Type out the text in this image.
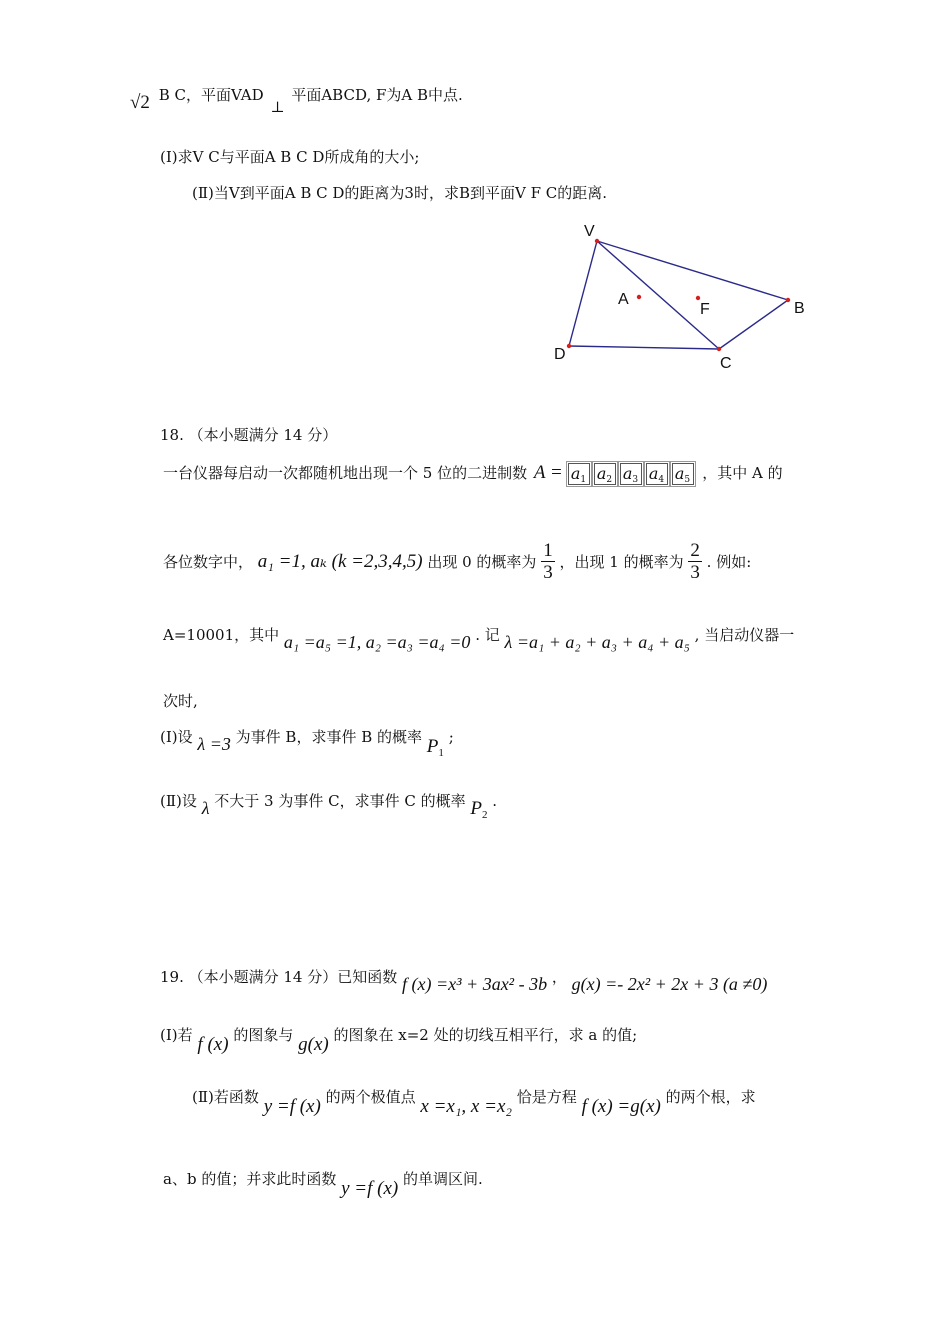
√2 B C，平面VAD ⊥ 平面ABCD, F为A B中点.
(Ⅰ)求V C与平面A B C D所成角的大小;
(Ⅱ)当V到平面A B C D的距离为3时，求B到平面V F C的距离.
V
A
F	B
D
C
18. （本小题满分 14 分）
一台仪器每启动一次都随机地出现一个 5 位的二进制数 $A = a_1$ $a_2$ $a_3$ $a_4$ $a_5$ ，其中 A 的
各位数字中， a₁ =1, aₖ (k =2,3,4,5) 出现 0 的概率为 $\frac{1}{3}$ ，出现 1 的概率为 $\frac{2}{3}$ . 例如:
A=10001，其中 a₁ =a₅ =1, a₂ =a₃ =a₄ =0 . 记 λ =a₁ + a₂ + a₃ + a₄ + a₅ , 当启动仪器一
次时,
(Ⅰ)设 λ =3 为事件 B，求事件 B 的概率 $P_1$ ;
(Ⅱ)设 λ 不大于 3 为事件 C，求事件 C 的概率 $P_2$ .
19. （本小题满分 14 分）已知函数 f (x) =x³ + 3ax² - 3b ， g(x) =- 2x² + 2x + 3 (a ≠0)
(Ⅰ)若 f (x) 的图象与 g(x) 的图象在 x=2 处的切线互相平行，求 a 的值;
(Ⅱ)若函数 y =f (x) 的两个极值点 x =x₁, x =x₂ 恰是方程 f (x) =g(x) 的两个根，求
a、b 的值；并求此时函数 y =f (x) 的单调区间.
